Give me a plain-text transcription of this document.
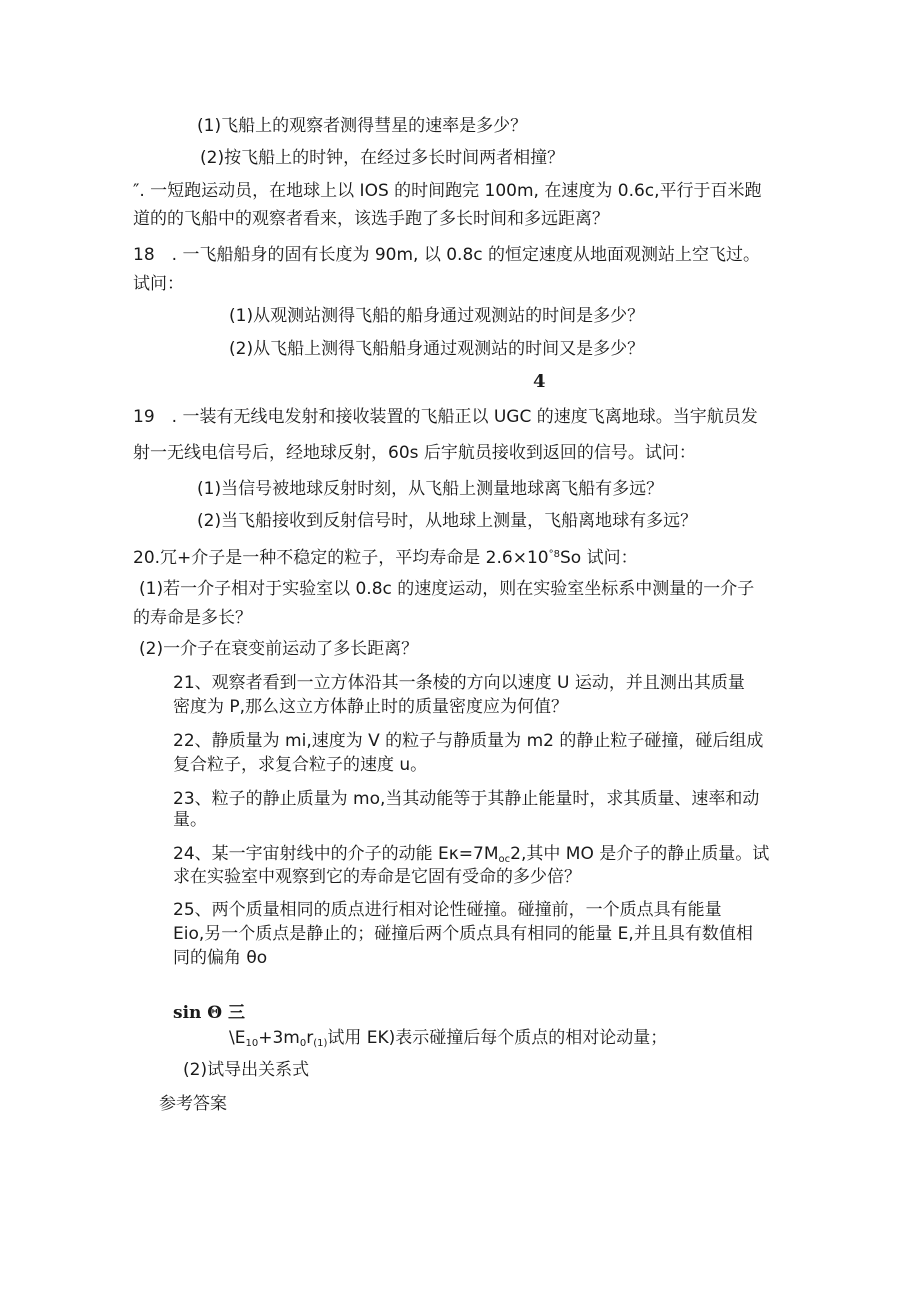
(1)飞船上的观察者测得彗星的速率是多少？
(2)按飞船上的时钟，在经过多长时间两者相撞？
″. 一短跑运动员，在地球上以 IOS 的时间跑完 100m, 在速度为 0.6c,平行于百米跑
道的的飞船中的观察者看来，该选手跑了多长时间和多远距离？
18　. 一飞船船身的固有长度为 90m, 以 0.8c 的恒定速度从地面观测站上空飞过。
试问：
(1)从观测站测得飞船的船身通过观测站的时间是多少？
(2)从飞船上测得飞船船身通过观测站的时间又是多少？
4
19　. 一装有无线电发射和接收装置的飞船正以 UGC 的速度飞离地球。当宇航员发
射一无线电信号后，经地球反射，60s 后宇航员接收到返回的信号。试问：
(1)当信号被地球反射时刻，从飞船上测量地球离飞船有多远？
(2)当飞船接收到反射信号时，从地球上测量，飞船离地球有多远？
20.冗+介子是一种不稳定的粒子，平均寿命是 $2.6\times 10^{^\circ 8}So$ 试问：
(1)若一介子相对于实验室以 0.8c 的速度运动，则在实验室坐标系中测量的一介子
的寿命是多长？
(2)一介子在衰变前运动了多长距离？
21、观察者看到一立方体沿其一条棱的方向以速度 U 运动，并且测出其质量
密度为 P,那么这立方体静止时的质量密度应为何值？
22、静质量为 mi,速度为 V 的粒子与静质量为 m2 的静止粒子碰撞，碰后组成
复合粒子，求复合粒子的速度 u。
23、粒子的静止质量为 mo,当其动能等于其静止能量时，求其质量、速率和动
量。
24、某一宇宙射线中的介子的动能 $E\kappa=7M_{oc}2$,其中 MO 是介子的静止质量。试
求在实验室中观察到它的寿命是它固有受命的多少倍？
25、两个质量相同的质点进行相对论性碰撞。碰撞前，一个质点具有能量
Eio,另一个质点是静止的；碰撞后两个质点具有相同的能量 E,并且具有数值相
同的偏角 θo
sin Θ 三
$\backslash E_{10}+3m_0r_{(1)}$试用 EK)表示碰撞后每个质点的相对论动量；
(2)试导出关系式
参考答案
